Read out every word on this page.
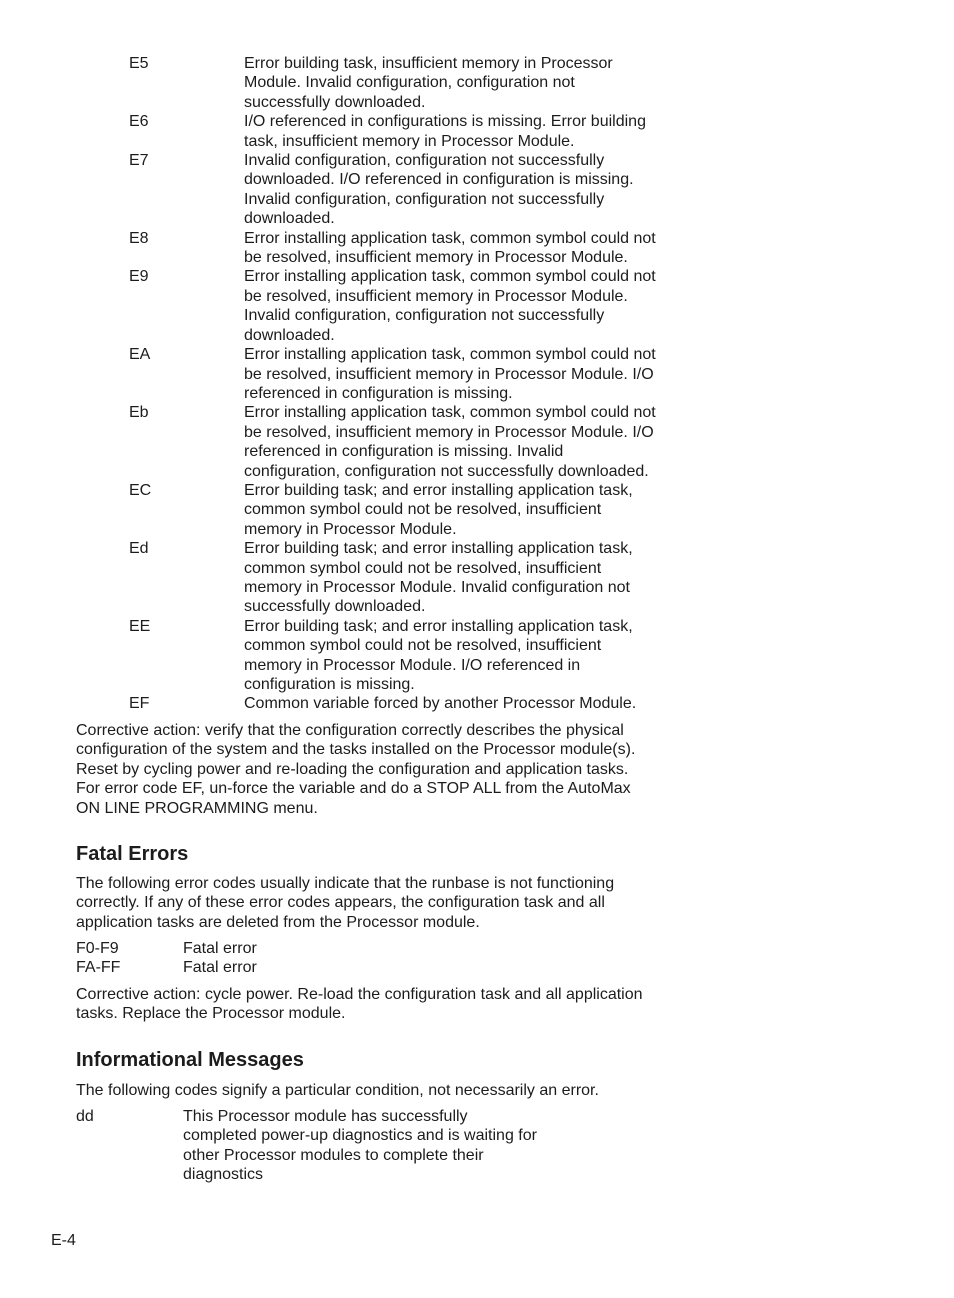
E5	Error building task, insufficient memory in Processor
Module. Invalid configuration, configuration not
successfully downloaded.
E6	I/O referenced in configurations is missing. Error building
task, insufficient memory in Processor Module.
E7	Invalid configuration, configuration not successfully
downloaded. I/O referenced in configuration is missing.
Invalid configuration, configuration not successfully
downloaded.
E8	Error installing application task, common symbol could not
be resolved, insufficient memory in Processor Module.
E9	Error installing application task, common symbol could not
be resolved, insufficient memory in Processor Module.
Invalid configuration, configuration not successfully
downloaded.
EA	Error installing application task, common symbol could not
be resolved, insufficient memory in Processor Module. I/O
referenced in configuration is missing.
Eb	Error installing application task, common symbol could not
be resolved, insufficient memory in Processor Module. I/O
referenced in configuration is missing. Invalid
configuration, configuration not successfully downloaded.
EC	Error building task; and error installing application task,
common symbol could not be resolved, insufficient
memory in Processor Module.
Ed	Error building task; and error installing application task,
common symbol could not be resolved, insufficient
memory in Processor Module. Invalid configuration not
successfully downloaded.
EE	Error building task; and error installing application task,
common symbol could not be resolved, insufficient
memory in Processor Module. I/O referenced in
configuration is missing.
EF	Common variable forced by another Processor Module.

Corrective action: verify that the configuration correctly describes the physical
configuration of the system and the tasks installed on the Processor module(s).
Reset by cycling power and re-loading the configuration and application tasks.
For error code EF, un-force the variable and do a STOP ALL from the AutoMax
ON LINE PROGRAMMING menu.

Fatal Errors

The following error codes usually indicate that the runbase is not functioning
correctly. If any of these error codes appears, the configuration task and all
application tasks are deleted from the Processor module.

F0-F9	Fatal error
FA-FF	Fatal error

Corrective action: cycle power. Re-load the configuration task and all application
tasks. Replace the Processor module.

Informational Messages

The following codes signify a particular condition, not necessarily an error.

dd	This Processor module has successfully
completed power-up diagnostics and is waiting for
other Processor modules to complete their
diagnostics
E-4
